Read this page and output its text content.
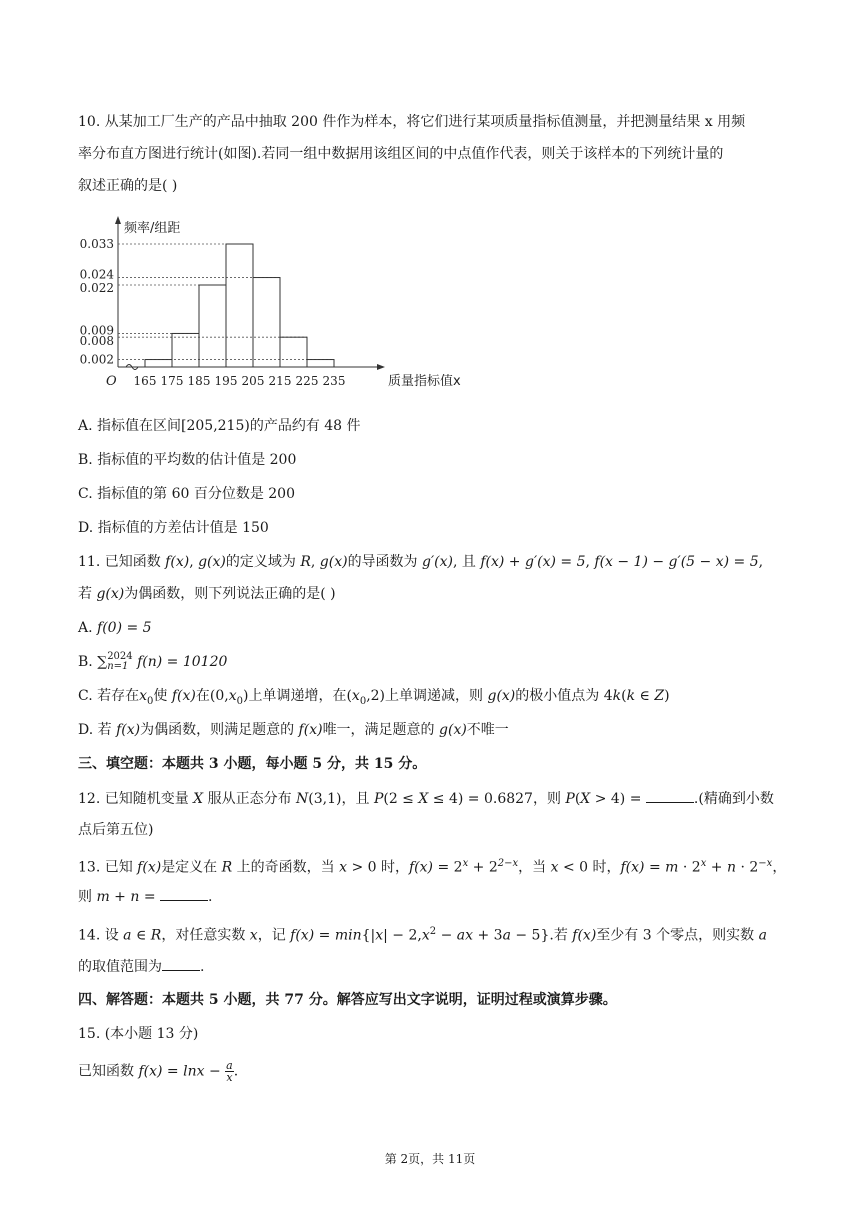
10. 从某加工厂生产的产品中抽取 200 件作为样本，将它们进行某项质量指标值测量，并把测量结果 x 用频
率分布直方图进行统计(如图).若同一组中数据用该组区间的中点值作代表，则关于该样本的下列统计量的
叙述正确的是( )
0.033
0.024
0.022
0.009
0.008
0.002
165 175 185 195 205 215 225 235
O
频率/组距
质量指标值x
A. 指标值在区间[205,215)的产品约有 48 件
B. 指标值的平均数的估计值是 200
C. 指标值的第 60 百分位数是 200
D. 指标值的方差估计值是 150
11. 已知函数 f(x), g(x)的定义域为 R, g(x)的导函数为 g′(x), 且 f(x) + g′(x) = 5, f(x − 1) − g′(5 − x) = 5,
若 g(x)为偶函数，则下列说法正确的是( )
A. f(0) = 5
B. ∑ 2024
n=1 f(n) = 10120
C. 若存在$x_0$使 f(x)在$(0,x_0)$上单调递增，在$(x_0,2)$上单调递减，则 g(x)的极小值点为 4k(k ∈ Z)
D. 若 f(x)为偶函数，则满足题意的 f(x)唯一，满足题意的 g(x)不唯一
三、填空题：本题共 3 小题，每小题 5 分，共 15 分。
12. 已知随机变量 X 服从正态分布 N(3,1)，且 P(2 ≤ X ≤ 4) = 0.6827，则 P(X > 4) =	.(精确到小数
点后第五位)
13. 已知 f(x)是定义在 R 上的奇函数，当 x > 0 时，$f(x) = 2^x + 2^{2-x}$，当 x < 0 时，$f(x) = m \cdot 2^x + n \cdot 2^{-x}$，
则 m + n =	.
14. 设 a ∈ R，对任意实数 x，记 $f(x) = \min\{|x| - 2,x^2$ − ax + 3a − 5}.若 f(x)至少有 3 个零点，则实数 a
的取值范围为	.
四、解答题：本题共 5 小题，共 77 分。解答应写出文字说明，证明过程或演算步骤。
15. (本小题 13 分)
已知函数 $f(x) = \ln x - \frac{a}{x}$ .
第 2页，共 11页
